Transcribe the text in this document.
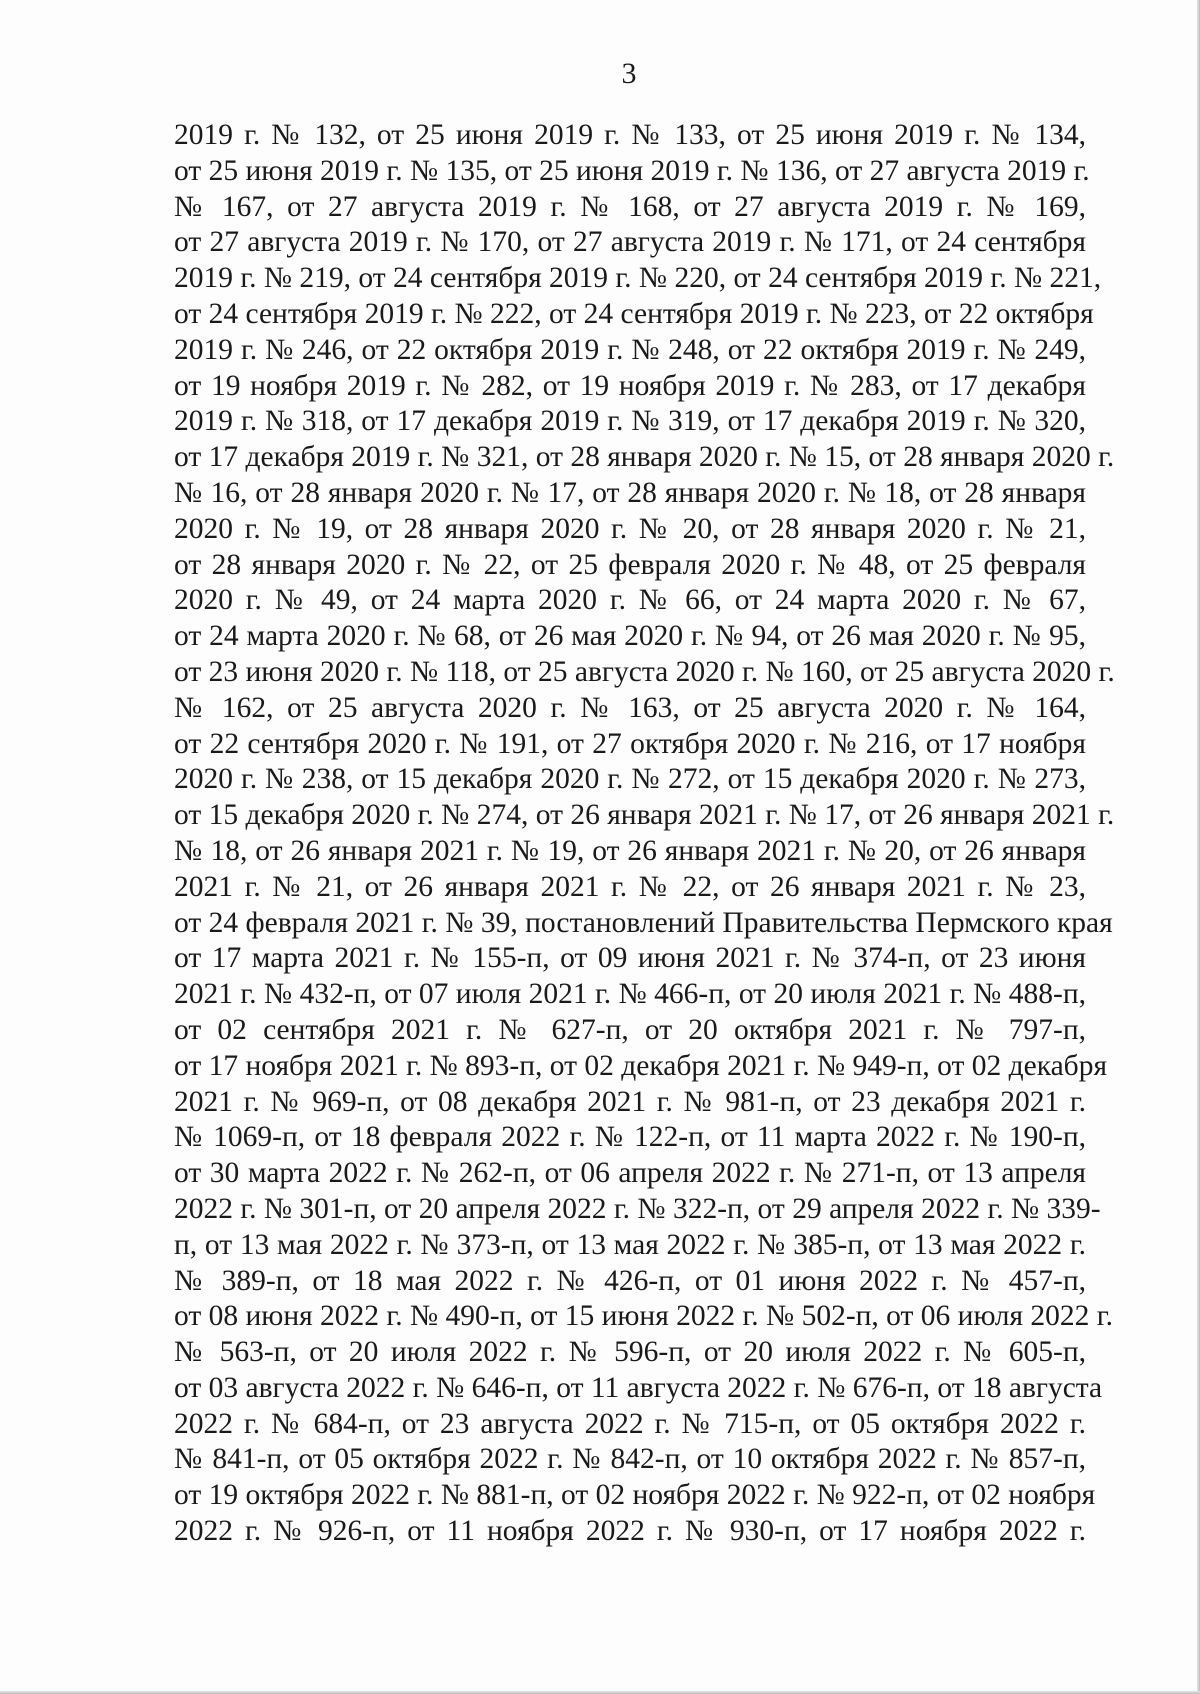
3
2019 г. № 132, от 25 июня 2019 г. № 133, от 25 июня 2019 г. № 134,
от 25 июня 2019 г. № 135, от 25 июня 2019 г. № 136, от 27 августа 2019 г.
№ 167, от 27 августа 2019 г. № 168, от 27 августа 2019 г. № 169,
от 27 августа 2019 г. № 170, от 27 августа 2019 г. № 171, от 24 сентября
2019 г. № 219, от 24 сентября 2019 г. № 220, от 24 сентября 2019 г. № 221,
от 24 сентября 2019 г. № 222, от 24 сентября 2019 г. № 223, от 22 октября
2019 г. № 246, от 22 октября 2019 г. № 248, от 22 октября 2019 г. № 249,
от 19 ноября 2019 г. № 282, от 19 ноября 2019 г. № 283, от 17 декабря
2019 г. № 318, от 17 декабря 2019 г. № 319, от 17 декабря 2019 г. № 320,
от 17 декабря 2019 г. № 321, от 28 января 2020 г. № 15, от 28 января 2020 г.
№ 16, от 28 января 2020 г. № 17, от 28 января 2020 г. № 18, от 28 января
2020 г. № 19, от 28 января 2020 г. № 20, от 28 января 2020 г. № 21,
от 28 января 2020 г. № 22, от 25 февраля 2020 г. № 48, от 25 февраля
2020 г. № 49, от 24 марта 2020 г. № 66, от 24 марта 2020 г. № 67,
от 24 марта 2020 г. № 68, от 26 мая 2020 г. № 94, от 26 мая 2020 г. № 95,
от 23 июня 2020 г. № 118, от 25 августа 2020 г. № 160, от 25 августа 2020 г.
№ 162, от 25 августа 2020 г. № 163, от 25 августа 2020 г. № 164,
от 22 сентября 2020 г. № 191, от 27 октября 2020 г. № 216, от 17 ноября
2020 г. № 238, от 15 декабря 2020 г. № 272, от 15 декабря 2020 г. № 273,
от 15 декабря 2020 г. № 274, от 26 января 2021 г. № 17, от 26 января 2021 г.
№ 18, от 26 января 2021 г. № 19, от 26 января 2021 г. № 20, от 26 января
2021 г. № 21, от 26 января 2021 г. № 22, от 26 января 2021 г. № 23,
от 24 февраля 2021 г. № 39, постановлений Правительства Пермского края
от 17 марта 2021 г. № 155-п, от 09 июня 2021 г. № 374-п, от 23 июня
2021 г. № 432-п, от 07 июля 2021 г. № 466-п, от 20 июля 2021 г. № 488-п,
от 02 сентября 2021 г. № 627-п, от 20 октября 2021 г. № 797-п,
от 17 ноября 2021 г. № 893-п, от 02 декабря 2021 г. № 949-п, от 02 декабря
2021 г. № 969-п, от 08 декабря 2021 г. № 981-п, от 23 декабря 2021 г.
№ 1069-п, от 18 февраля 2022 г. № 122-п, от 11 марта 2022 г. № 190-п,
от 30 марта 2022 г. № 262-п, от 06 апреля 2022 г. № 271-п, от 13 апреля
2022 г. № 301-п, от 20 апреля 2022 г. № 322-п, от 29 апреля 2022 г. № 339-
п, от 13 мая 2022 г. № 373-п, от 13 мая 2022 г. № 385-п, от 13 мая 2022 г.
№ 389-п, от 18 мая 2022 г. № 426-п, от 01 июня 2022 г. № 457-п,
от 08 июня 2022 г. № 490-п, от 15 июня 2022 г. № 502-п, от 06 июля 2022 г.
№ 563-п, от 20 июля 2022 г. № 596-п, от 20 июля 2022 г. № 605-п,
от 03 августа 2022 г. № 646-п, от 11 августа 2022 г. № 676-п, от 18 августа
2022 г. № 684-п, от 23 августа 2022 г. № 715-п, от 05 октября 2022 г.
№ 841-п, от 05 октября 2022 г. № 842-п, от 10 октября 2022 г. № 857-п,
от 19 октября 2022 г. № 881-п, от 02 ноября 2022 г. № 922-п, от 02 ноября
2022 г. № 926-п, от 11 ноября 2022 г. № 930-п, от 17 ноября 2022 г.
